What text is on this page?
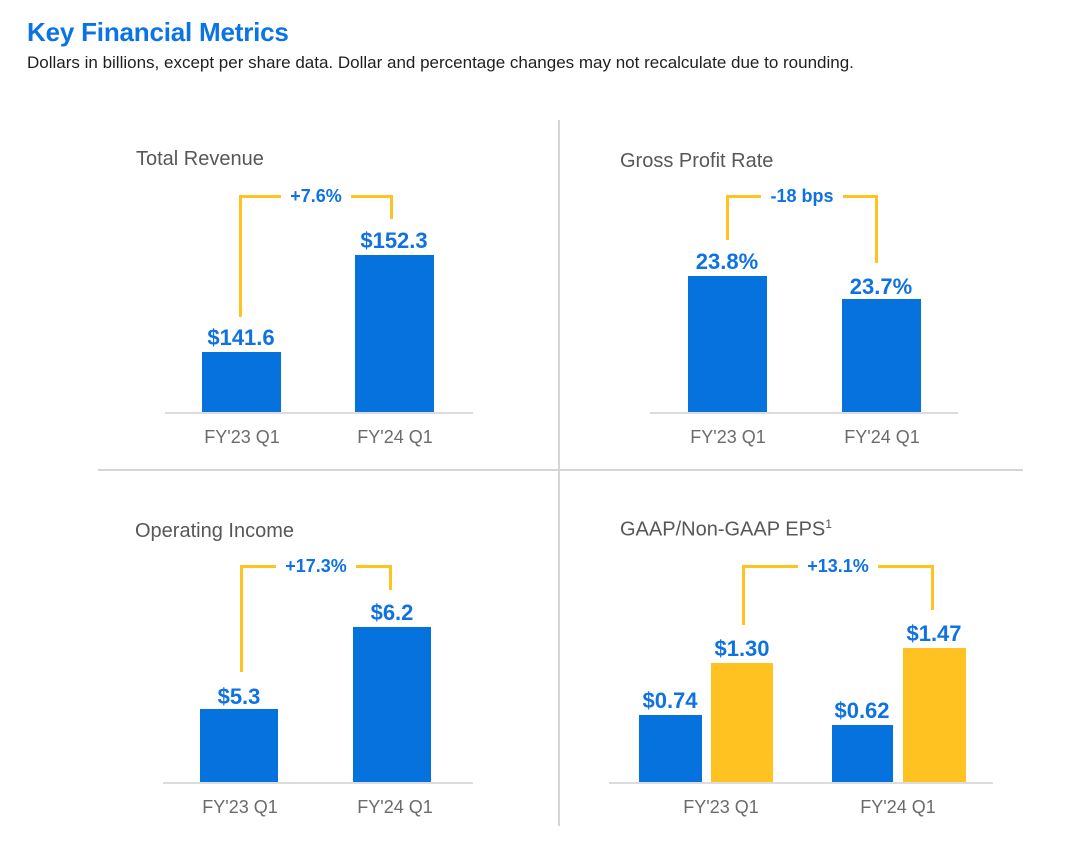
Key Financial Metrics

Dollars in billions, except per share data. Dollar and percentage changes may not recalculate due to rounding.

Total Revenue
+7.6%
$141.6
$152.3
FY'23 Q1	FY'24 Q1
Gross Profit Rate
-18 bps
23.8%
23.7%
FY'23 Q1	FY'24 Q1
Operating Income
+17.3%
$5.3
$6.2
FY'23 Q1	FY'24 Q1
GAAP/Non-GAAP $EPS^1$
+13.1%
$0.74
$1.30
$0.62
$1.47
FY'23 Q1	FY'24 Q1
